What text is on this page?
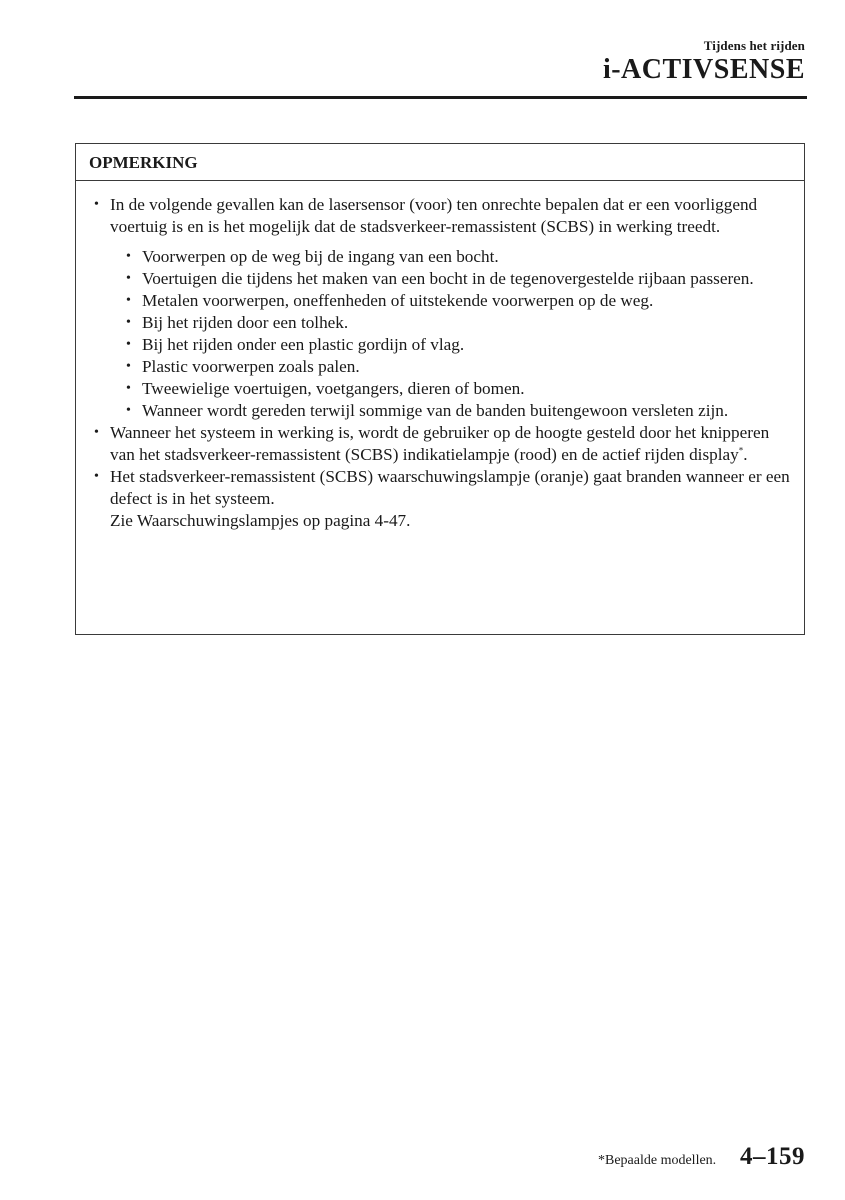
Tijdens het rijden
i-ACTIVSENSE
OPMERKING
• In de volgende gevallen kan de lasersensor (voor) ten onrechte bepalen dat er een voorliggend voertuig is en is het mogelijk dat de stadsverkeer-remassistent (SCBS) in werking treedt.
• Voorwerpen op de weg bij de ingang van een bocht.
• Voertuigen die tijdens het maken van een bocht in de tegenovergestelde rijbaan passeren.
• Metalen voorwerpen, oneffenheden of uitstekende voorwerpen op de weg.
• Bij het rijden door een tolhek.
• Bij het rijden onder een plastic gordijn of vlag.
• Plastic voorwerpen zoals palen.
• Tweewielige voertuigen, voetgangers, dieren of bomen.
• Wanneer wordt gereden terwijl sommige van de banden buitengewoon versleten zijn.
• Wanneer het systeem in werking is, wordt de gebruiker op de hoogte gesteld door het knipperen van het stadsverkeer-remassistent (SCBS) indikatielampje (rood) en de actief rijden display*.
• Het stadsverkeer-remassistent (SCBS) waarschuwingslampje (oranje) gaat branden wanneer er een defect is in het systeem.
Zie Waarschuwingslampjes op pagina 4-47.
*Bepaalde modellen. 4–159
